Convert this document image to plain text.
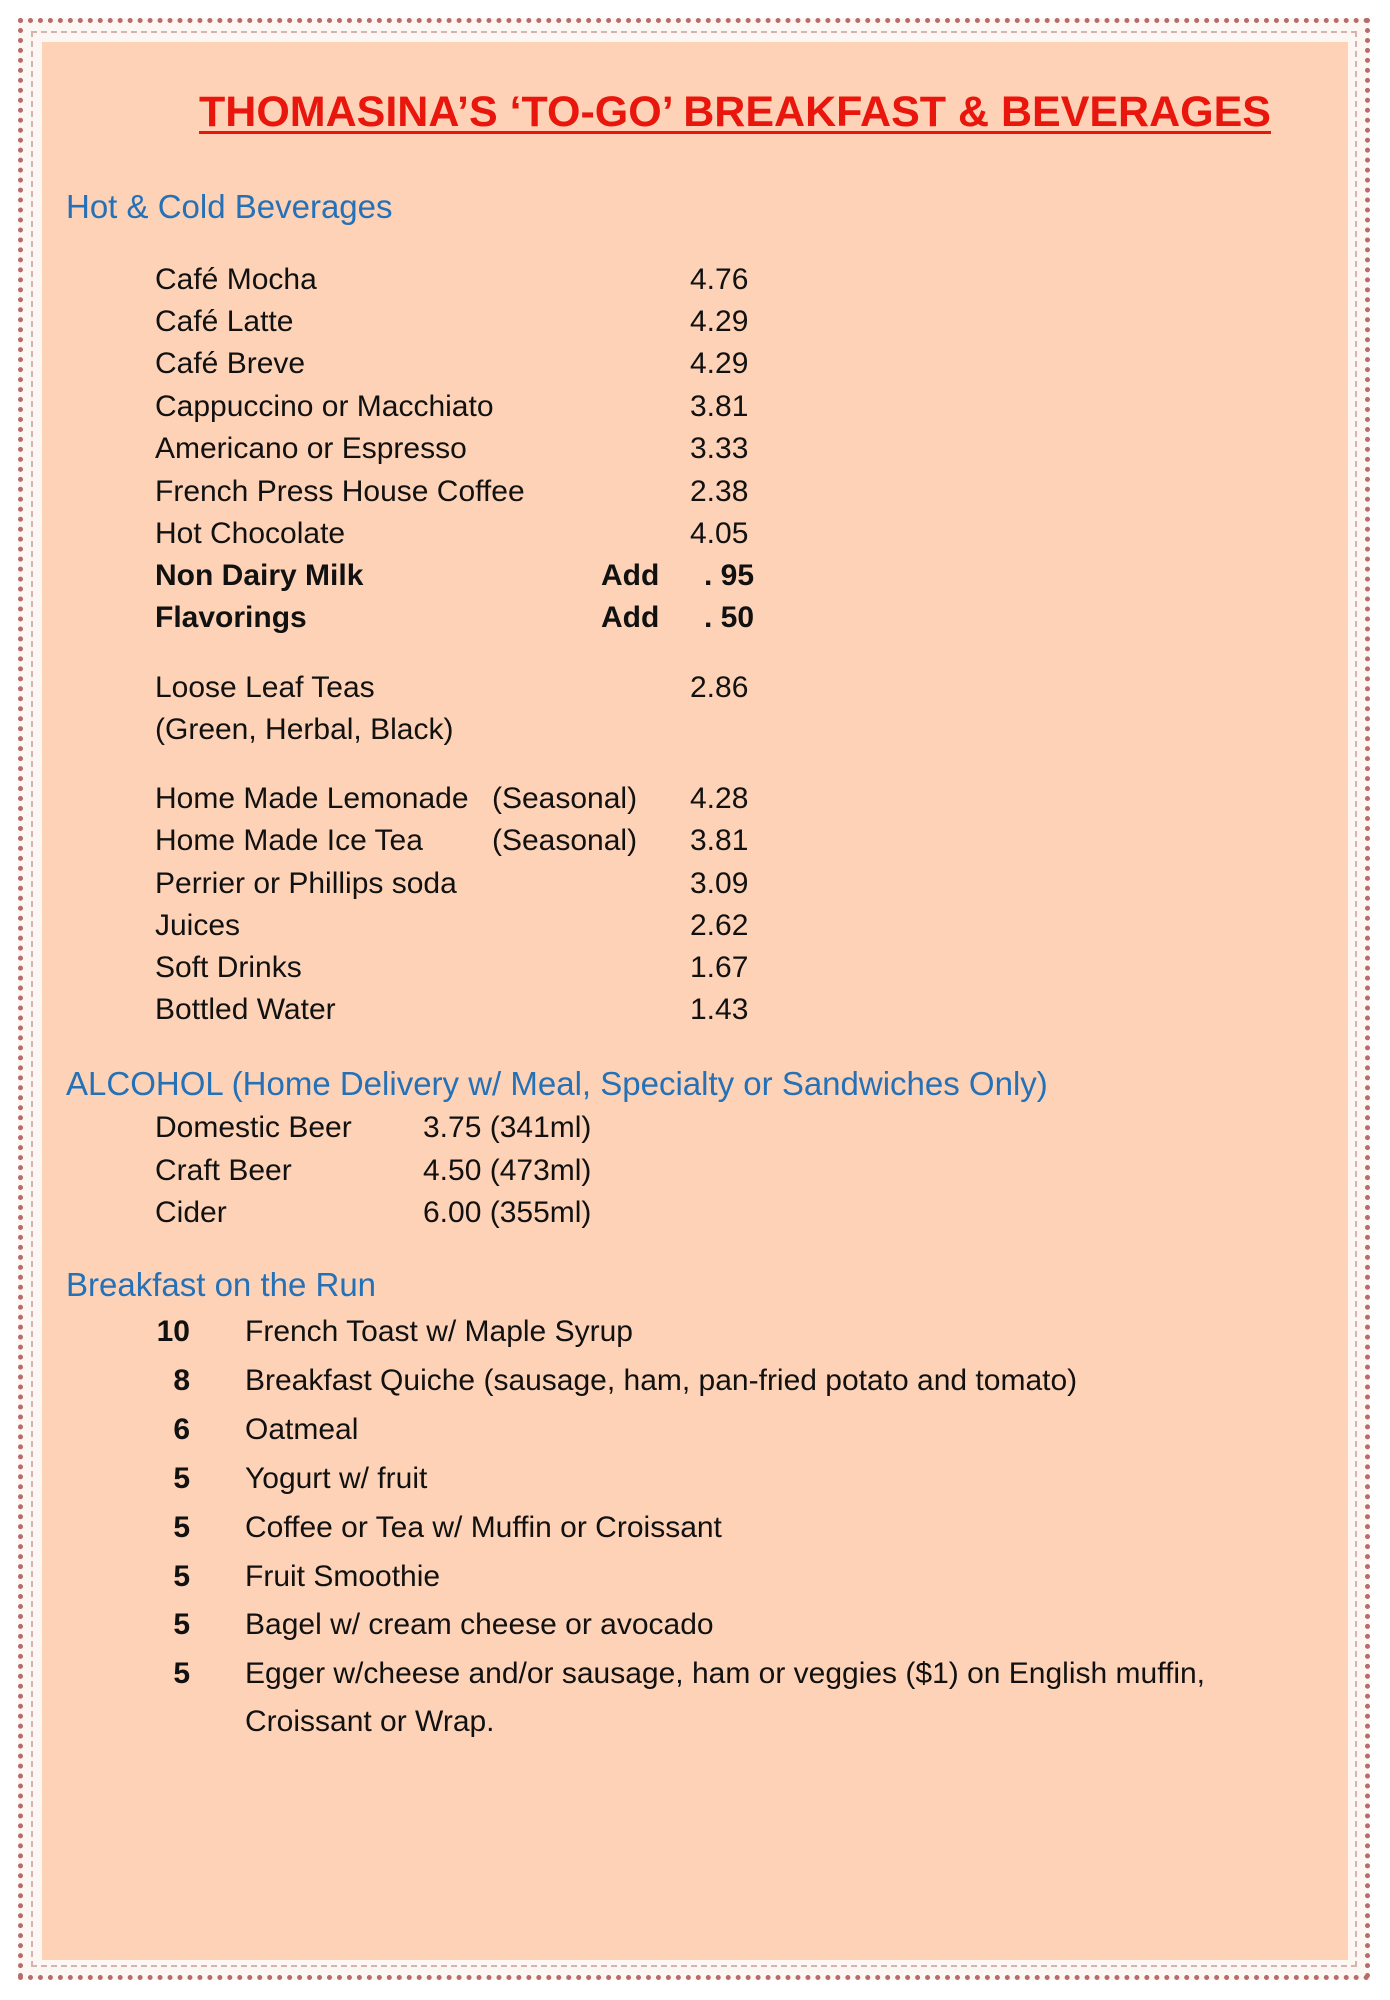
THOMASINA’S ‘TO-GO’ BREAKFAST & BEVERAGES
Hot & Cold Beverages
Café Mocha	4.76
Café Latte	4.29
Café Breve	4.29
Cappuccino or Macchiato	3.81
Americano or Espresso	3.33
French Press House Coffee	2.38
Hot Chocolate	4.05
Non Dairy Milk	Add . 95
Flavorings	Add . 50
Loose Leaf Teas	2.86
(Green, Herbal, Black)
Home Made Lemonade (Seasonal) 4.28
Home Made Ice Tea (Seasonal) 3.81
Perrier or Phillips soda	3.09
Juices	2.62
Soft Drinks	1.67
Bottled Water	1.43
ALCOHOL (Home Delivery w/ Meal, Specialty or Sandwiches Only)
Domestic Beer 3.75 (341ml)
Craft Beer	4.50 (473ml)
Cider	6.00 (355ml)
Breakfast on the Run
10 French Toast w/ Maple Syrup
8 Breakfast Quiche (sausage, ham, pan-fried potato and tomato)
6 Oatmeal
5 Yogurt w/ fruit
5 Coffee or Tea w/ Muffin or Croissant
5 Fruit Smoothie
5 Bagel w/ cream cheese or avocado
5 Egger w/cheese and/or sausage, ham or veggies ($1) on English muffin,
Croissant or Wrap.
